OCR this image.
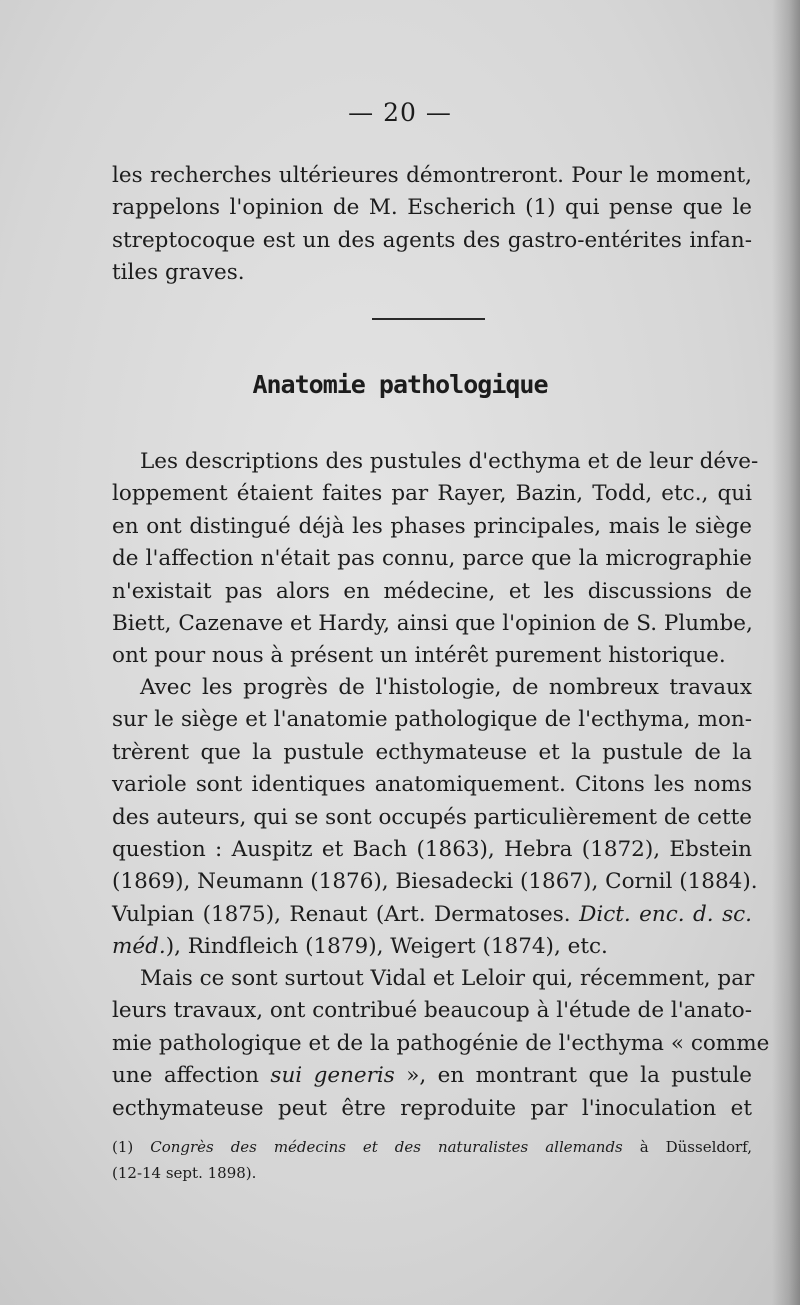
— 20 —
les recherches ultérieures démontreront. Pour le moment,
rappelons l'opinion de M. Escherich (1) qui pense que le
streptocoque est un des agents des gastro-entérites infan-
tiles graves.
Anatomie pathologique
Les descriptions des pustules d'ecthyma et de leur déve-
loppement étaient faites par Rayer, Bazin, Todd, etc., qui
en ont distingué déjà les phases principales, mais le siège
de l'affection n'était pas connu, parce que la micrographie
n'existait pas alors en médecine, et les discussions de
Biett, Cazenave et Hardy, ainsi que l'opinion de S. Plumbe,
ont pour nous à présent un intérêt purement historique.
Avec les progrès de l'histologie, de nombreux travaux
sur le siège et l'anatomie pathologique de l'ecthyma, mon-
trèrent que la pustule ecthymateuse et la pustule de la
variole sont identiques anatomiquement. Citons les noms
des auteurs, qui se sont occupés particulièrement de cette
question : Auspitz et Bach (1863), Hebra (1872), Ebstein
(1869), Neumann (1876), Biesadecki (1867), Cornil (1884).
Vulpian (1875), Renaut (Art. Dermatoses. Dict. enc. d. sc.
méd.), Rindfleich (1879), Weigert (1874), etc.
Mais ce sont surtout Vidal et Leloir qui, récemment, par
leurs travaux, ont contribué beaucoup à l'étude de l'anato-
mie pathologique et de la pathogénie de l'ecthyma « comme
une affection sui generis », en montrant que la pustule
ecthymateuse peut être reproduite par l'inoculation et
(1) Congrès des médecins et des naturalistes allemands à Düsseldorf,
(12-14 sept. 1898).
